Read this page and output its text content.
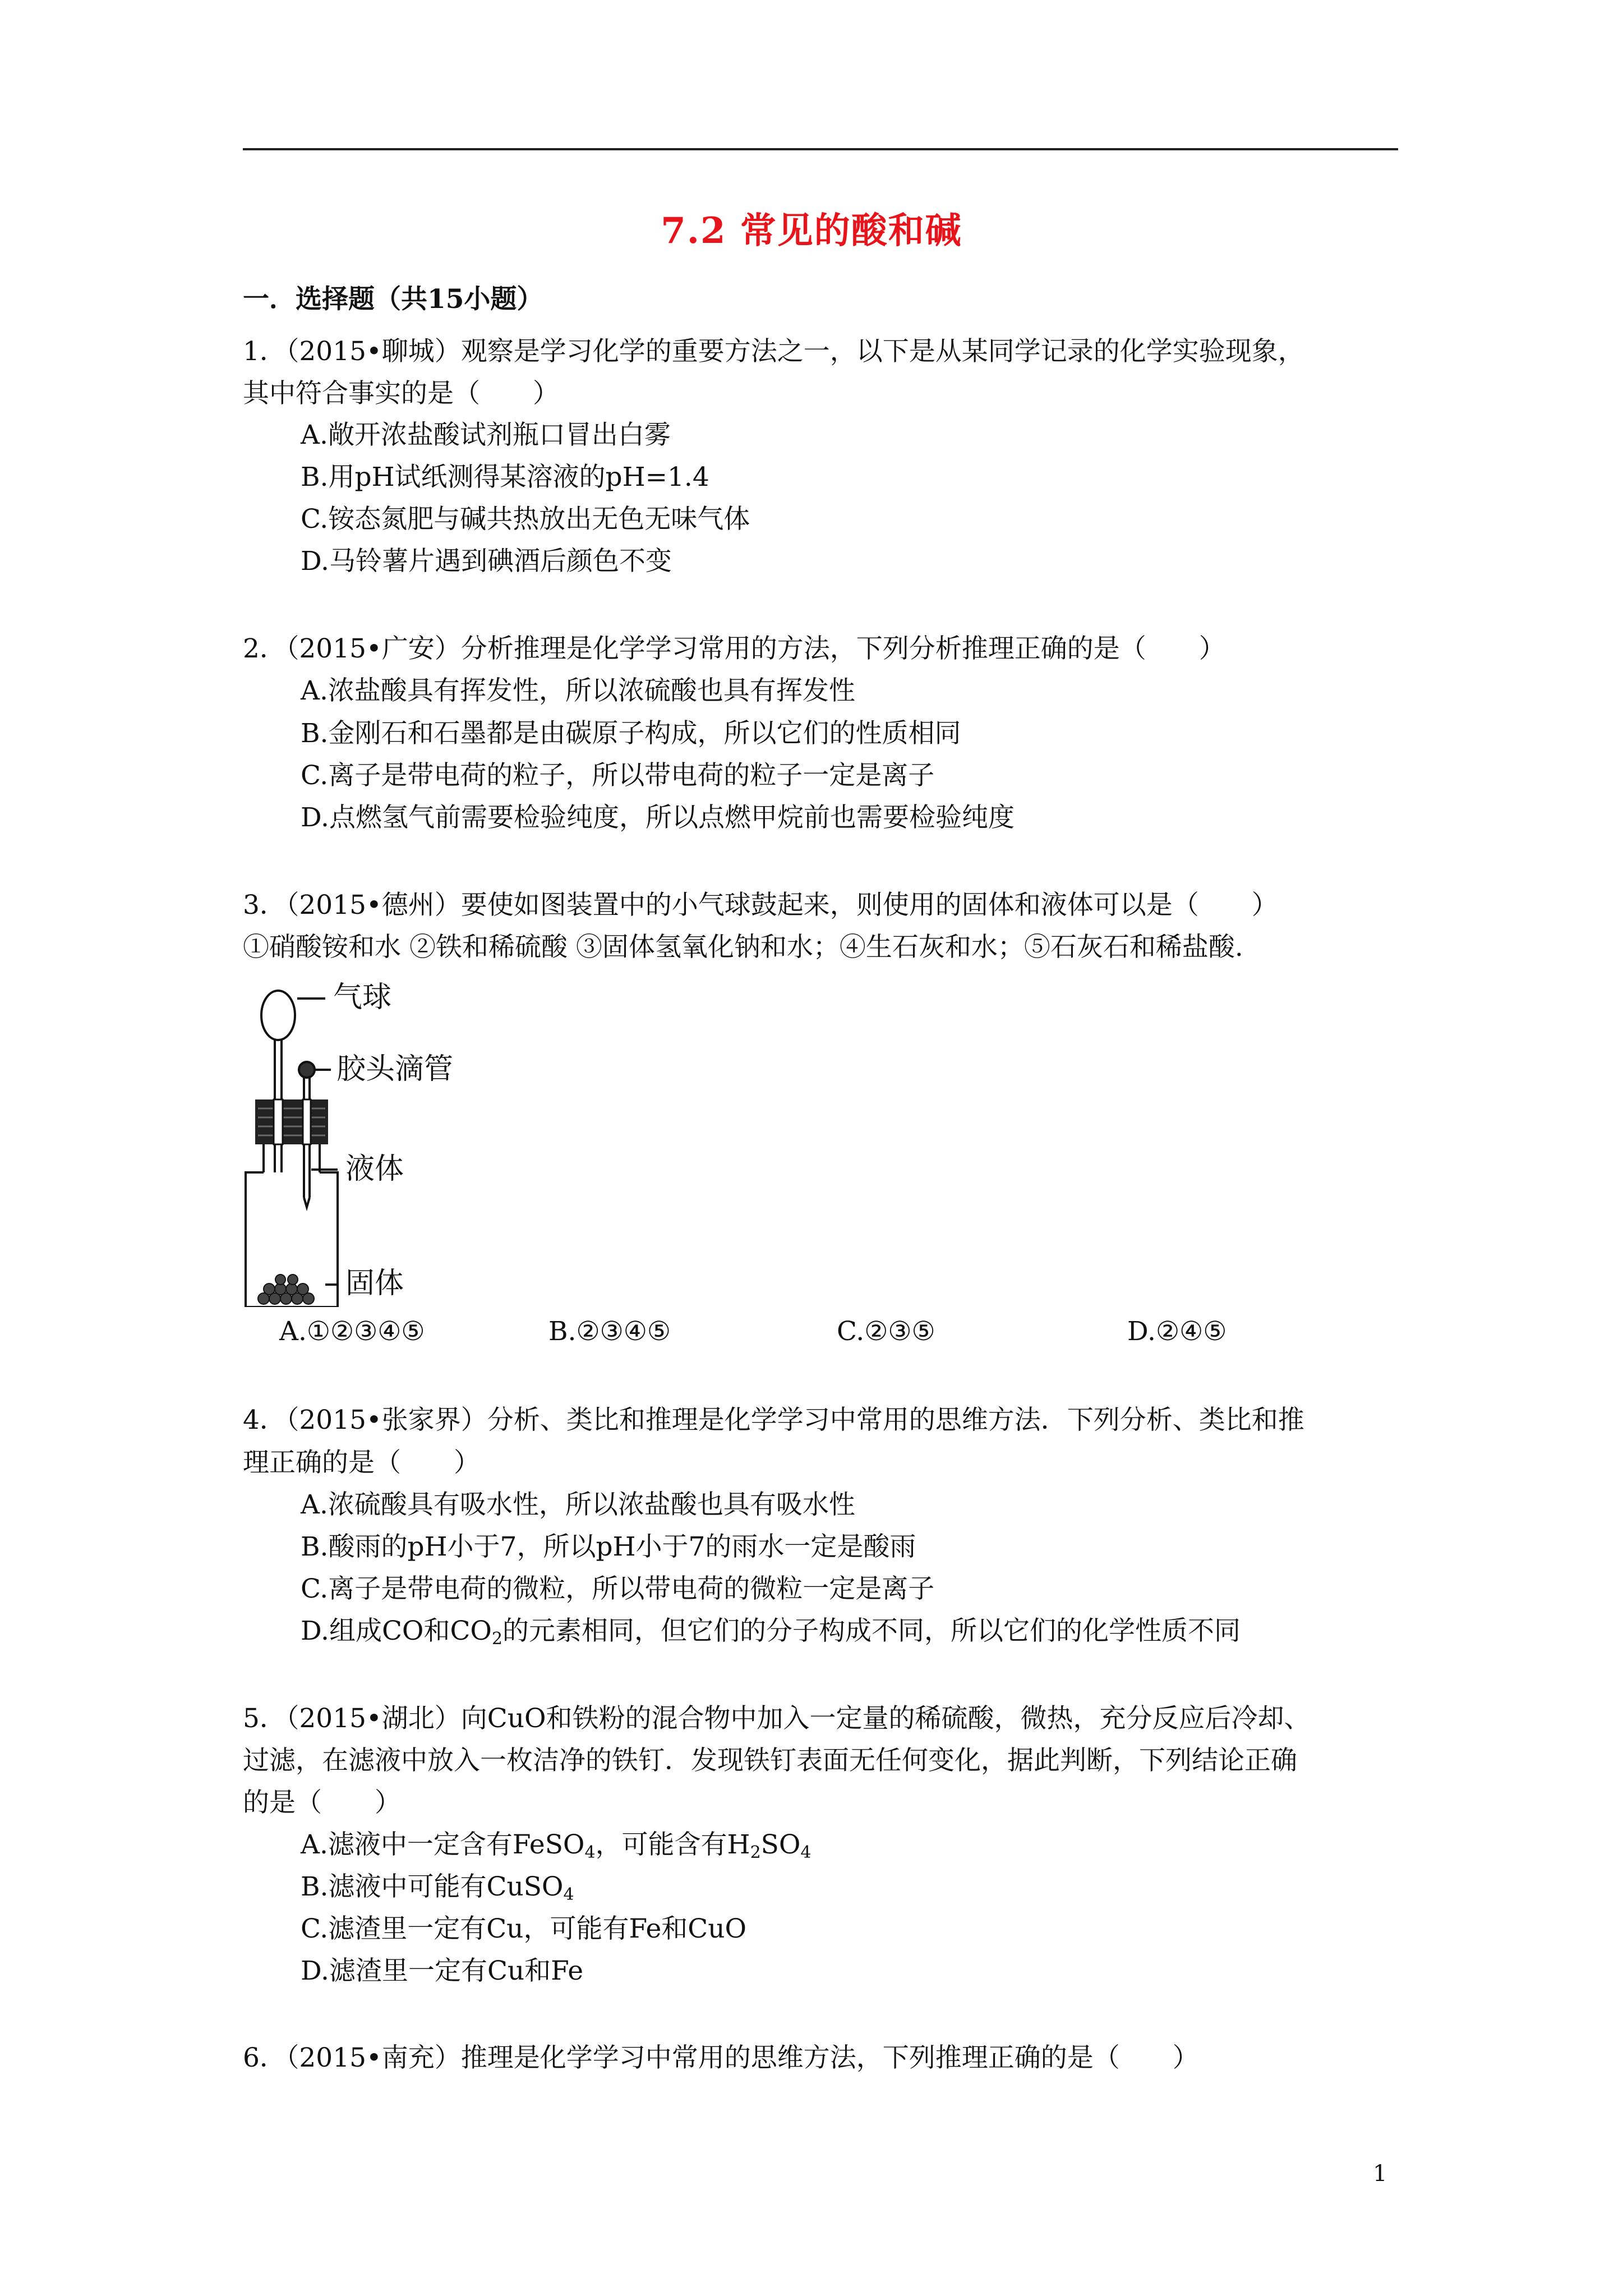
7.2 常见的酸和碱
一．选择题（共15小题）
1．（2015•聊城）观察是学习化学的重要方法之一，以下是从某同学记录的化学实验现象，
其中符合事实的是（　　）
A.敞开浓盐酸试剂瓶口冒出白雾
B.用pH试纸测得某溶液的pH=1.4
C.铵态氮肥与碱共热放出无色无味气体
D.马铃薯片遇到碘酒后颜色不变
2．（2015•广安）分析推理是化学学习常用的方法，下列分析推理正确的是（　　）
A.浓盐酸具有挥发性，所以浓硫酸也具有挥发性
B.金刚石和石墨都是由碳原子构成，所以它们的性质相同
C.离子是带电荷的粒子，所以带电荷的粒子一定是离子
D.点燃氢气前需要检验纯度，所以点燃甲烷前也需要检验纯度
3．（2015•德州）要使如图装置中的小气球鼓起来，则使用的固体和液体可以是（　　）
①硝酸铵和水 ②铁和稀硫酸 ③固体氢氧化钠和水；④生石灰和水；⑤石灰石和稀盐酸.
气球
胶头滴管
液体
固体
A.①②③④⑤	B.②③④⑤	C.②③⑤	D.②④⑤
4．（2015•张家界）分析、类比和推理是化学学习中常用的思维方法．下列分析、类比和推
理正确的是（　　）
A.浓硫酸具有吸水性，所以浓盐酸也具有吸水性
B.酸雨的pH小于7，所以pH小于7的雨水一定是酸雨
C.离子是带电荷的微粒，所以带电荷的微粒一定是离子
D.组成CO和$CO_2$的元素相同，但它们的分子构成不同，所以它们的化学性质不同
5．（2015•湖北）向CuO和铁粉的混合物中加入一定量的稀硫酸，微热，充分反应后冷却、
过滤，在滤液中放入一枚洁净的铁钉．发现铁钉表面无任何变化，据此判断，下列结论正确
的是（　　）
A.滤液中一定含有FeSO$_4$，可能含有$H_2SO_4$
B.滤液中可能有CuSO$_4$
C.滤渣里一定有Cu，可能有Fe和CuO
D.滤渣里一定有Cu和Fe
6．（2015•南充）推理是化学学习中常用的思维方法，下列推理正确的是（　　）
1
